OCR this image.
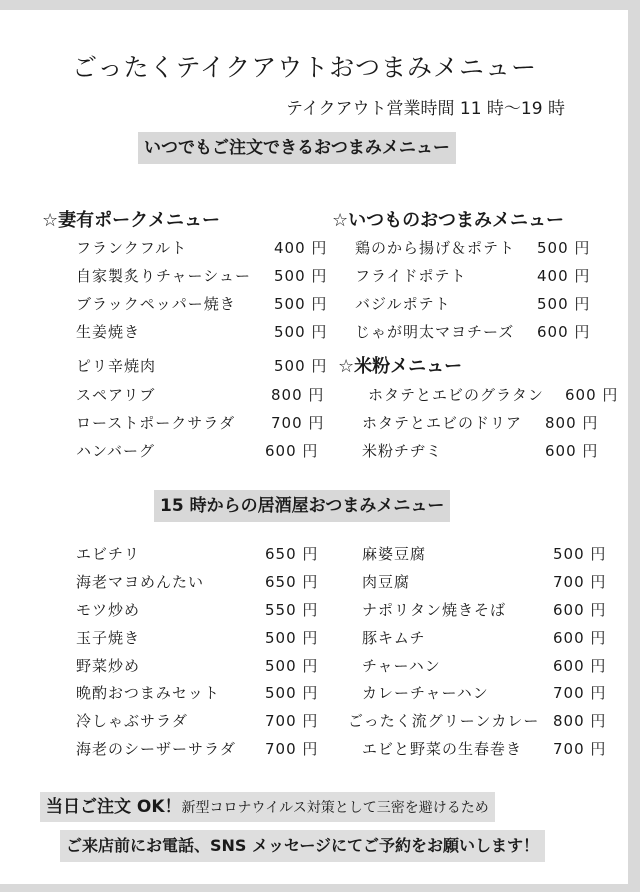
ごったくテイクアウトおつまみメニュー
テイクアウト営業時間 11 時〜19 時
いつでもご注文できるおつまみメニュー
☆妻有ポークメニュー
フランクフルト	400 円
自家製炙りチャーシュー 500 円
ブラックペッパー焼き	500 円
生姜焼き	500 円
ピリ辛焼肉	500 円
スペアリブ	800 円
ローストポークサラダ 700 円
ハンバーグ	600 円
☆いつものおつまみメニュー
鶏のから揚げ＆ポテト 500 円
フライドポテト	400 円
バジルポテト	500 円
じゃが明太マヨチーズ 600 円
☆米粉メニュー
ホタテとエビのグラタン 600 円
ホタテとエビのドリア 800 円
米粉チヂミ	600 円
15 時からの居酒屋おつまみメニュー
エビチリ	650 円
海老マヨめんたい	650 円
モツ炒め	550 円
玉子焼き	500 円
野菜炒め	500 円
晩酌おつまみセット	500 円
冷しゃぶサラダ	700 円
海老のシーザーサラダ 700 円
麻婆豆腐	500 円
肉豆腐	700 円
ナポリタン焼きそば	600 円
豚キムチ	600 円
チャーハン	600 円
カレーチャーハン	700 円
ごったく流グリーンカレー 800 円
エビと野菜の生春巻き 700 円
当日ご注文 OK！新型コロナウイルス対策として三密を避けるため
ご来店前にお電話、SNS メッセージにてご予約をお願いします！
